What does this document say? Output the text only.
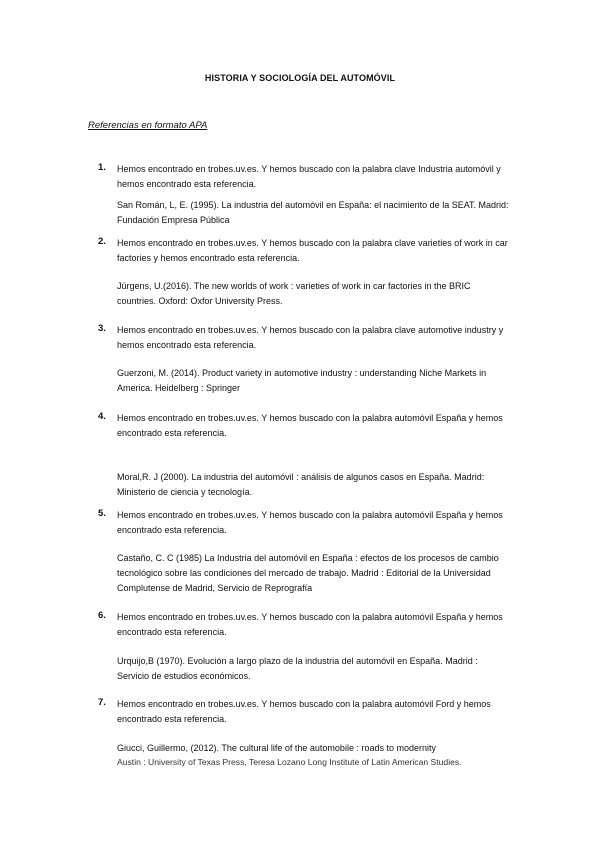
HISTORIA Y SOCIOLOGÍA DEL AUTOMÓVIL
Referencias en formato APA
1. Hemos encontrado en trobes.uv.es. Y hemos buscado con la palabra clave Industria automóvil y hemos encontrado esta referencia.
San Román, L, E. (1995). La industria del automóvil en España: el nacimiento de la SEAT. Madrid: Fundación Empresa Pública
2. Hemos encontrado en trobes.uv.es. Y hemos buscado con la palabra clave varieties of work in car factories y hemos encontrado esta referencia.
Jürgens, U.(2016). The new worlds of work : varieties of work in car factories in the BRIC countries. Oxford: Oxfor University Press.
3. Hemos encontrado en trobes.uv.es. Y hemos buscado con la palabra clave automotive industry y hemos encontrado esta referencia.
Guerzoni, M. (2014). Product variety in automotive industry : understanding Niche Markets in America. Heidelberg : Springer
4. Hemos encontrado en trobes.uv.es. Y hemos buscado con la palabra automóvil España y hemos encontrado esta referencia.
Moral,R. J (2000). La industria del automóvil : análisis de algunos casos en España. Madrid: Ministerio de ciencia y tecnología.
5. Hemos encontrado en trobes.uv.es. Y hemos buscado con la palabra automóvil España y hemos encontrado esta referencia.
Castaño, C. C (1985) La Industria del automóvil en España : efectos de los procesos de cambio tecnológico sobre las condiciones del mercado de trabajo. Madrid : Editorial de la Universidad Complutense de Madrid, Servicio de Reprografía
6. Hemos encontrado en trobes.uv.es. Y hemos buscado con la palabra automóvil España y hemos encontrado esta referencia.
Urquijo,B (1970). Evolución a largo plazo de la industria del automóvil en España. Madrid : Servicio de estudios económicos.
7. Hemos encontrado en trobes.uv.es. Y hemos buscado con la palabra automóvil Ford y hemos encontrado esta referencia.
Giucci, Guillermo, (2012). The cultural life of the automobile : roads to modernity
Austin : University of Texas Press, Teresa Lozano Long Institute of Latin American Studies.
